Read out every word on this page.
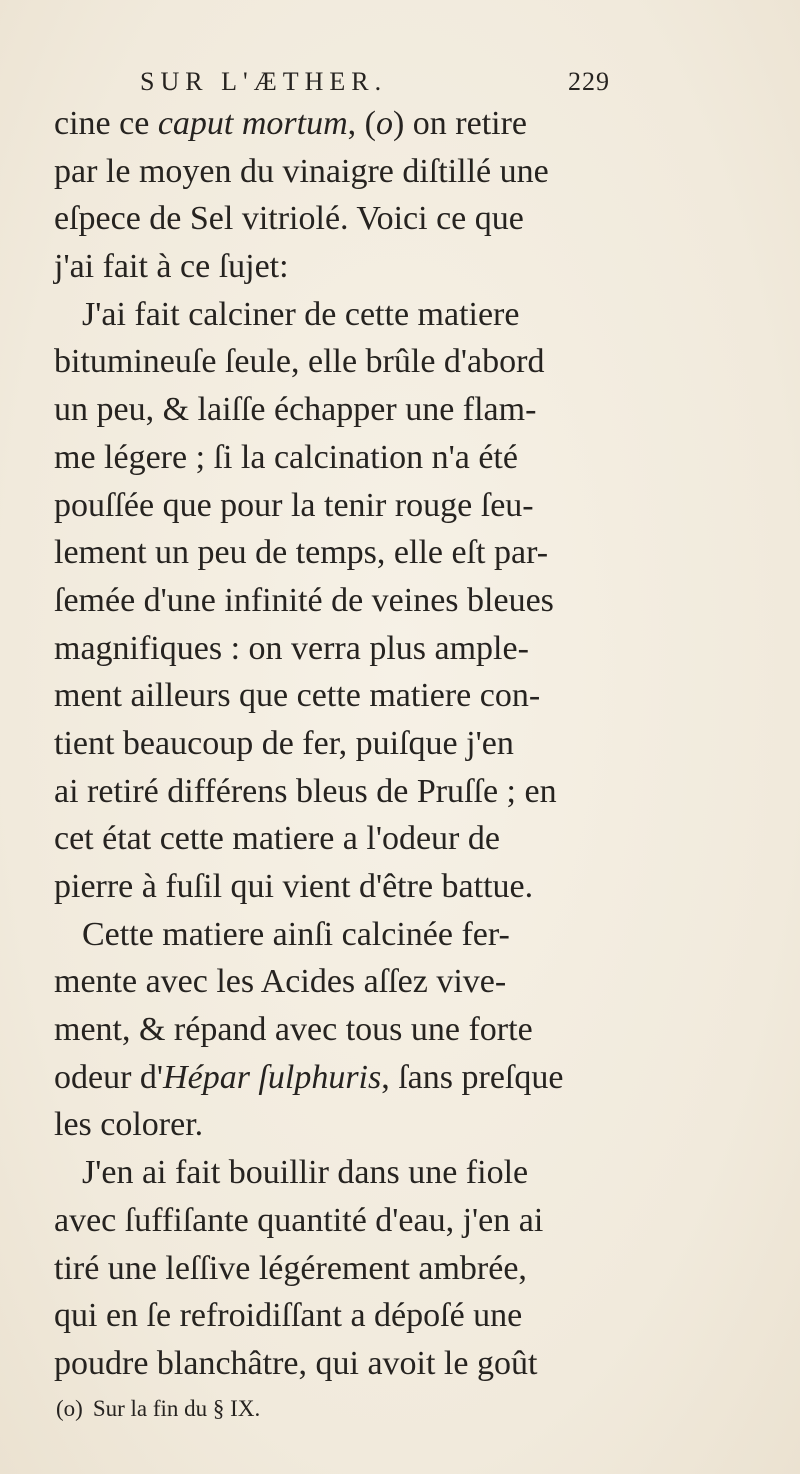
SUR L'ÆTHER.	229
cine ce caput mortum, (o) on retire
par le moyen du vinaigre diſtillé une
eſpece de Sel vitriolé. Voici ce que
j'ai fait à ce ſujet:
J'ai fait calciner de cette matiere
bitumineuſe ſeule, elle brûle d'abord
un peu, & laiſſe échapper une flam-
me légere ; ſi la calcination n'a été
pouſſée que pour la tenir rouge ſeu-
lement un peu de temps, elle eſt par-
ſemée d'une infinité de veines bleues
magnifiques : on verra plus ample-
ment ailleurs que cette matiere con-
tient beaucoup de fer, puiſque j'en
ai retiré différens bleus de Pruſſe ; en
cet état cette matiere a l'odeur de
pierre à fuſil qui vient d'être battue.
Cette matiere ainſi calcinée fer-
mente avec les Acides aſſez vive-
ment, & répand avec tous une forte
odeur d'Hépar ſulphuris, ſans preſque
les colorer.
J'en ai fait bouillir dans une fiole
avec ſuffiſante quantité d'eau, j'en ai
tiré une leſſive légérement ambrée,
qui en ſe refroidiſſant a dépoſé une
poudre blanchâtre, qui avoit le goût
(o) Sur la fin du § IX.
